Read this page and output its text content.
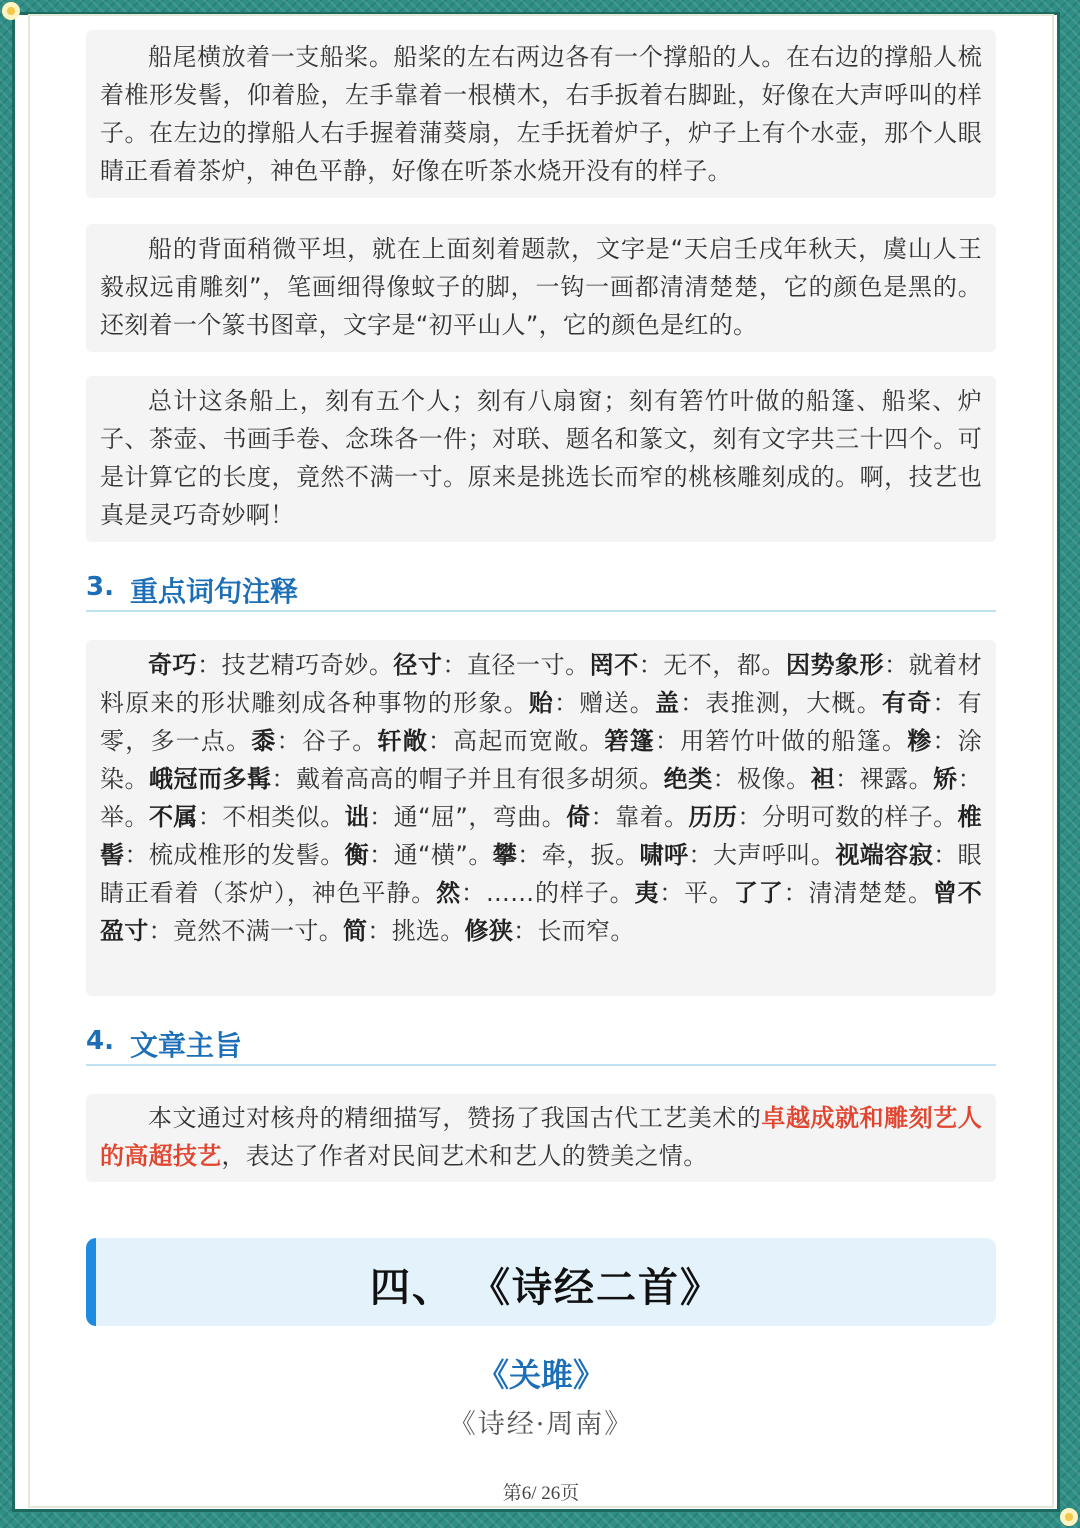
船尾横放着一支船桨。船桨的左右两边各有一个撑船的人。在右边的撑船人梳着椎形发髻，仰着脸，左手靠着一根横木，右手扳着右脚趾，好像在大声呼叫的样子。在左边的撑船人右手握着蒲葵扇，左手抚着炉子，炉子上有个水壶，那个人眼睛正看着茶炉，神色平静，好像在听茶水烧开没有的样子。

船的背面稍微平坦，就在上面刻着题款，文字是“天启壬戌年秋天，虞山人王毅叔远甫雕刻”，笔画细得像蚊子的脚，一钩一画都清清楚楚，它的颜色是黑的。还刻着一个篆书图章，文字是“初平山人”，它的颜色是红的。

总计这条船上，刻有五个人；刻有八扇窗；刻有箬竹叶做的船篷、船桨、炉子、茶壶、书画手卷、念珠各一件；对联、题名和篆文，刻有文字共三十四个。可是计算它的长度，竟然不满一寸。原来是挑选长而窄的桃核雕刻成的。啊，技艺也真是灵巧奇妙啊！

3. 重点词句注释

奇巧：技艺精巧奇妙。径寸：直径一寸。罔不：无不，都。因势象形：就着材料原来的形状雕刻成各种事物的形象。贻：赠送。盖：表推测，大概。有奇：有零，多一点。黍：谷子。轩敞：高起而宽敞。箬篷：用箬竹叶做的船篷。糁：涂染。峨冠而多髯：戴着高高的帽子并且有很多胡须。绝类：极像。袒：裸露。矫：举。不属：不相类似。诎：通“屈”，弯曲。倚：靠着。历历：分明可数的样子。椎髻：梳成椎形的发髻。衡：通“横”。攀：牵，扳。啸呼：大声呼叫。视端容寂：眼睛正看着（茶炉），神色平静。然：……的样子。夷：平。了了：清清楚楚。曾不盈寸：竟然不满一寸。简：挑选。修狭：长而窄。

4. 文章主旨

本文通过对核舟的精细描写，赞扬了我国古代工艺美术的卓越成就和雕刻艺人的高超技艺，表达了作者对民间艺术和艺人的赞美之情。

四、 《诗经二首》
《关雎》
《诗经·周南》
第6/ 26页
